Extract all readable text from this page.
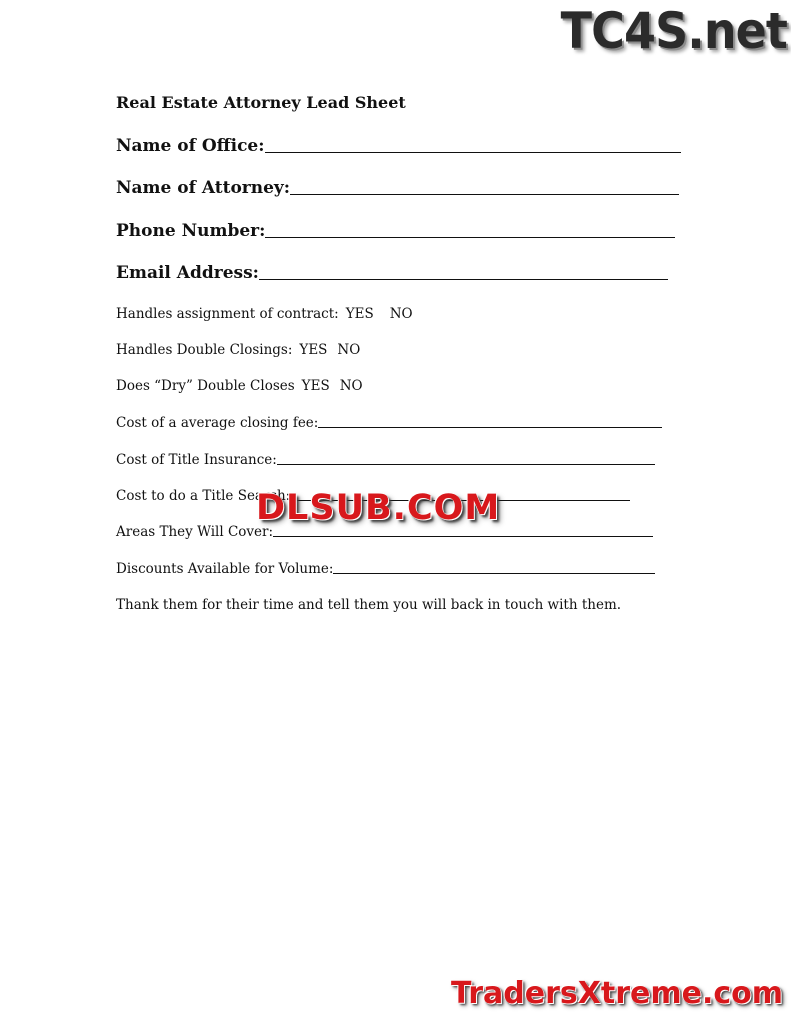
TC4S.net
Real Estate Attorney Lead Sheet
Name of Office:
Name of Attorney:
Phone Number:
Email Address:
Handles assignment of contract: YES NO
Handles Double Closings: YES NO
Does “Dry” Double Closes YES NO
Cost of a average closing fee:
Cost of Title Insurance:
Cost to do a Title Search:
Areas They Will Cover:
Discounts Available for Volume:

Thank them for their time and tell them you will back in touch with them.

DLSUB.COM
TradersXtreme.com
